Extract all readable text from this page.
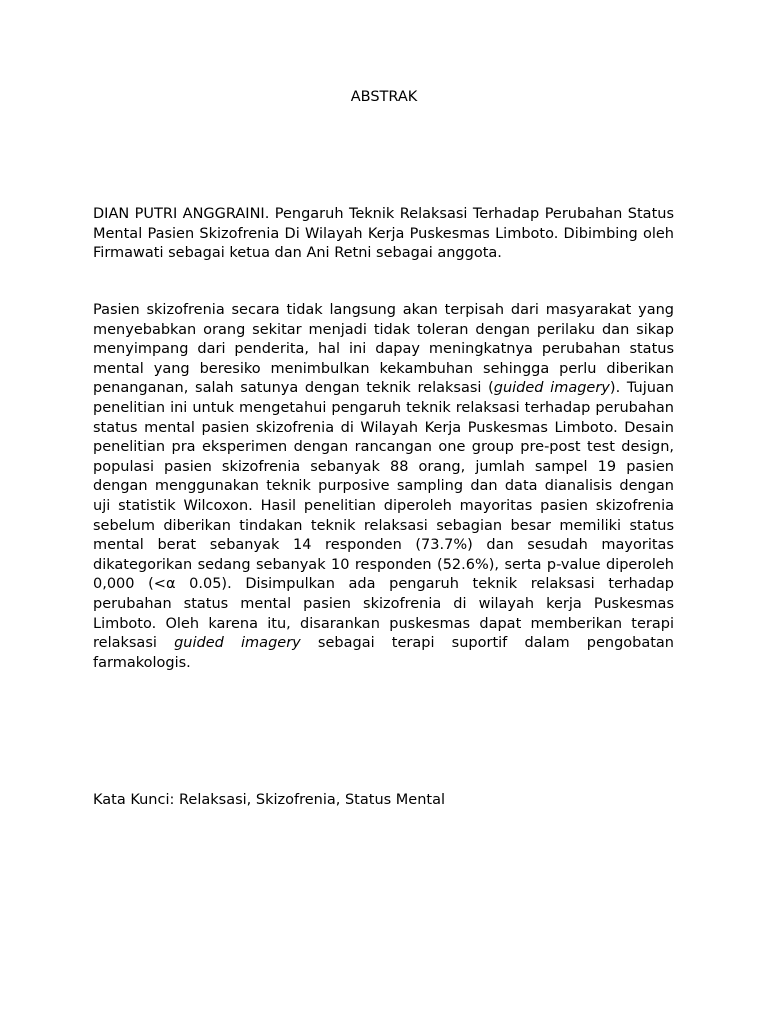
ABSTRAK

DIAN PUTRI ANGGRAINI. Pengaruh Teknik Relaksasi Terhadap Perubahan Status Mental Pasien Skizofrenia Di Wilayah Kerja Puskesmas Limboto. Dibimbing oleh Firmawati sebagai ketua dan Ani Retni sebagai anggota.

Pasien skizofrenia secara tidak langsung akan terpisah dari masyarakat yang menyebabkan orang sekitar menjadi tidak toleran dengan perilaku dan sikap menyimpang dari penderita, hal ini dapay meningkatnya perubahan status mental yang beresiko menimbulkan kekambuhan sehingga perlu diberikan penanganan, salah satunya dengan teknik relaksasi (guided imagery). Tujuan penelitian ini untuk mengetahui pengaruh teknik relaksasi terhadap perubahan status mental pasien skizofrenia di Wilayah Kerja Puskesmas Limboto. Desain penelitian pra eksperimen dengan rancangan one group pre-post test design, populasi pasien skizofrenia sebanyak 88 orang, jumlah sampel 19 pasien dengan menggunakan teknik purposive sampling dan data dianalisis dengan uji statistik Wilcoxon. Hasil penelitian diperoleh mayoritas pasien skizofrenia sebelum diberikan tindakan teknik relaksasi sebagian besar memiliki status mental berat sebanyak 14 responden (73.7%) dan sesudah mayoritas dikategorikan sedang sebanyak 10 responden (52.6%), serta p-value diperoleh 0,000 (<α 0.05). Disimpulkan ada pengaruh teknik relaksasi terhadap perubahan status mental pasien skizofrenia di wilayah kerja Puskesmas Limboto. Oleh karena itu, disarankan puskesmas dapat memberikan terapi relaksasi guided imagery sebagai terapi suportif dalam pengobatan farmakologis.

Kata Kunci: Relaksasi, Skizofrenia, Status Mental
